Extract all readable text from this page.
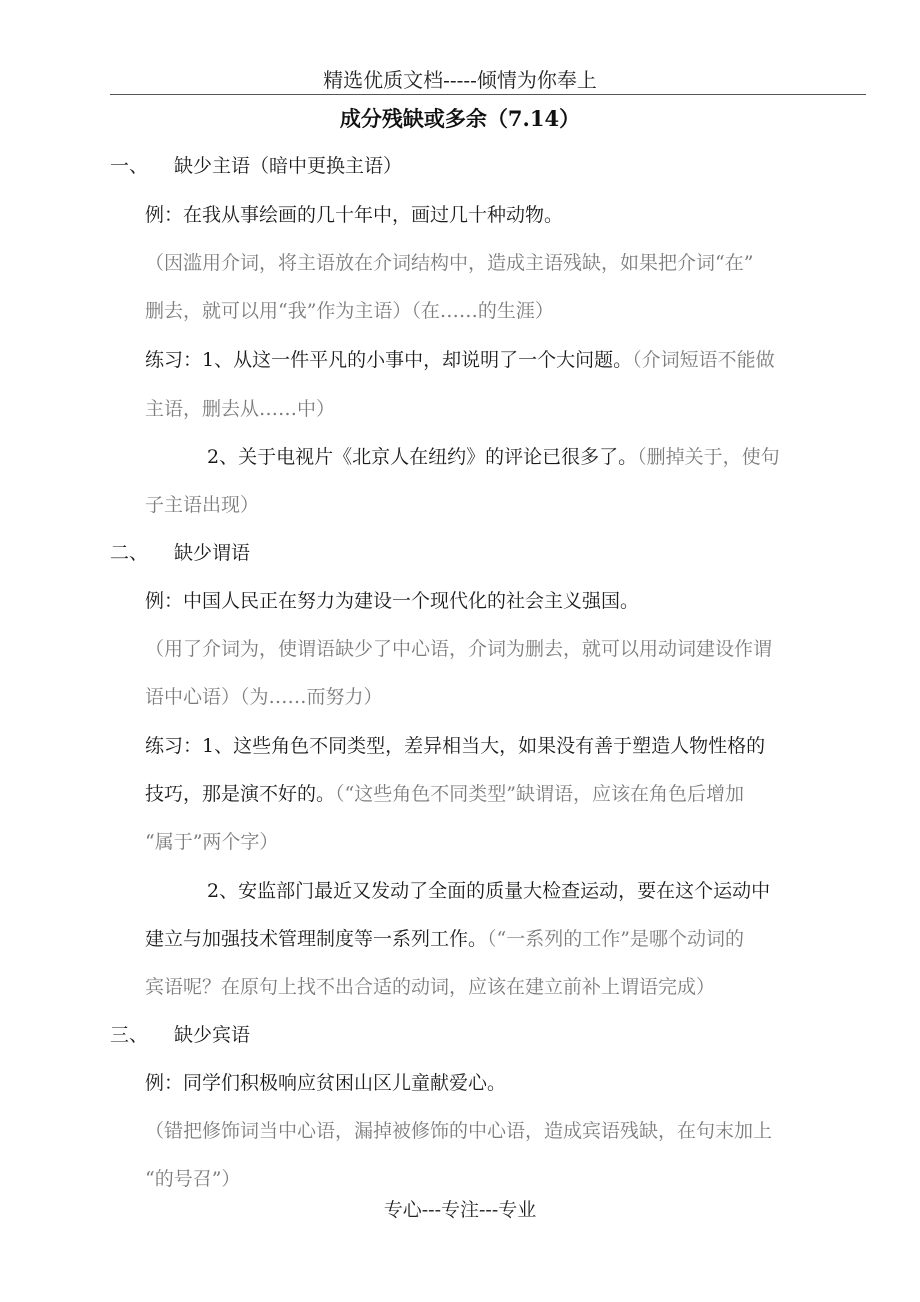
精选优质文档-----倾情为你奉上
成分残缺或多余（7.14）
一、 缺少主语（暗中更换主语）
例：在我从事绘画的几十年中，画过几十种动物。
（因滥用介词，将主语放在介词结构中，造成主语残缺，如果把介词“在”
删去，就可以用“我”作为主语）（在……的生涯）
练习：1、从这一件平凡的小事中，却说明了一个大问题。（介词短语不能做
主语，删去从……中）
2、关于电视片《北京人在纽约》的评论已很多了。（删掉关于，使句
子主语出现）
二、 缺少谓语
例：中国人民正在努力为建设一个现代化的社会主义强国。
（用了介词为，使谓语缺少了中心语，介词为删去，就可以用动词建设作谓
语中心语）（为……而努力）
练习：1、这些角色不同类型，差异相当大，如果没有善于塑造人物性格的
技巧，那是演不好的。（“这些角色不同类型”缺谓语，应该在角色后增加
“属于”两个字）
2、安监部门最近又发动了全面的质量大检查运动，要在这个运动中
建立与加强技术管理制度等一系列工作。（“一系列的工作”是哪个动词的
宾语呢？在原句上找不出合适的动词，应该在建立前补上谓语完成）
三、 缺少宾语
例：同学们积极响应贫困山区儿童献爱心。
（错把修饰词当中心语，漏掉被修饰的中心语，造成宾语残缺，在句末加上
“的号召”）
专心---专注---专业
